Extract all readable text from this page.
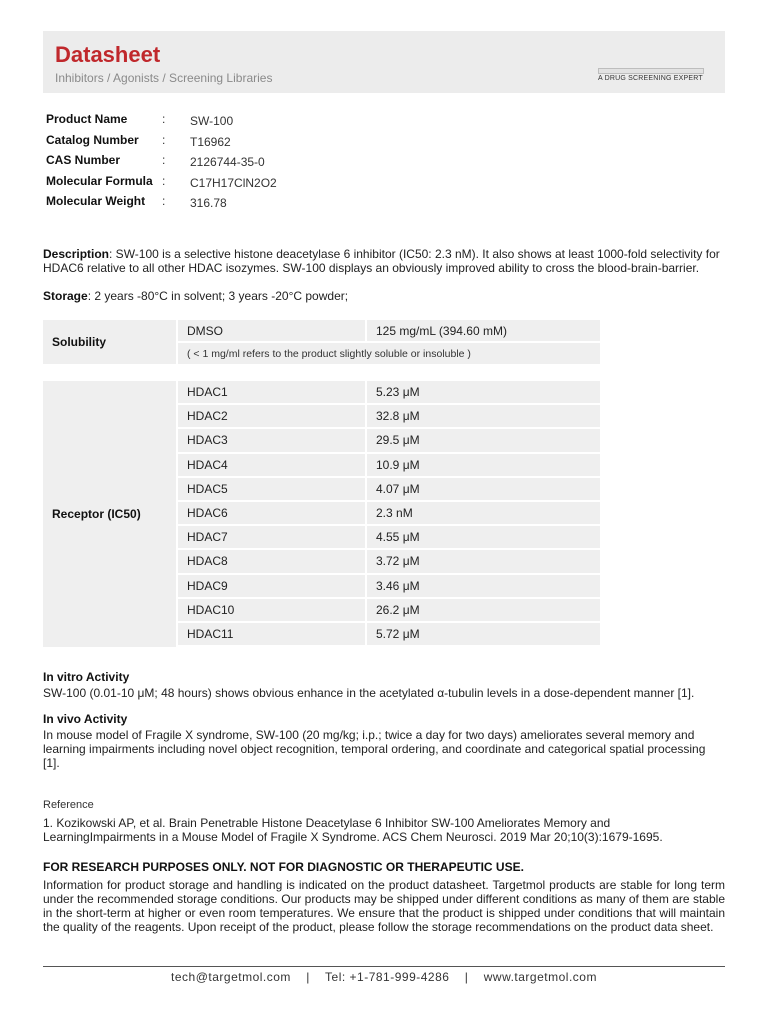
Datasheet
Inhibitors / Agonists / Screening Libraries	A DRUG SCREENING EXPERT
Product Name	: SW-100
Catalog Number : T16962
CAS Number	: 2126744-35-0
Molecular Formula : C17H17ClN2O2
Molecular Weight : 316.78
Description: SW-100 is a selective histone deacetylase 6 inhibitor (IC50: 2.3 nM). It also shows at least 1000-fold selectivity for HDAC6 relative to all other HDAC isozymes. SW-100 displays an obviously improved ability to cross the blood-brain-barrier.
Storage: 2 years -80°C in solvent; 3 years -20°C powder;
Solubility	DMSO	125 mg/mL (394.60 mM)
( < 1 mg/ml refers to the product slightly soluble or insoluble )
Receptor (IC50)	HDAC1	5.23 μM
	HDAC2	32.8 μM
	HDAC3	29.5 μM
	HDAC4	10.9 μM
	HDAC5	4.07 μM
	HDAC6	2.3 nM
	HDAC7	4.55 μM
	HDAC8	3.72 μM
	HDAC9	3.46 μM
	HDAC10	26.2 μM
	HDAC11	5.72 μM
In vitro Activity
SW-100 (0.01-10 μM; 48 hours) shows obvious enhance in the acetylated α-tubulin levels in a dose-dependent manner [1].
In vivo Activity
In mouse model of Fragile X syndrome, SW-100 (20 mg/kg; i.p.; twice a day for two days) ameliorates several memory and learning impairments including novel object recognition, temporal ordering, and coordinate and categorical spatial processing [1].
Reference
1. Kozikowski AP, et al. Brain Penetrable Histone Deacetylase 6 Inhibitor SW-100 Ameliorates Memory and LearningImpairments in a Mouse Model of Fragile X Syndrome. ACS Chem Neurosci. 2019 Mar 20;10(3):1679-1695.
FOR RESEARCH PURPOSES ONLY. NOT FOR DIAGNOSTIC OR THERAPEUTIC USE.
Information for product storage and handling is indicated on the product datasheet. Targetmol products are stable for long term under the recommended storage conditions. Our products may be shipped under different conditions as many of them are stable in the short-term at higher or even room temperatures. We ensure that the product is shipped under conditions that will maintain the quality of the reagents. Upon receipt of the product, please follow the storage recommendations on the product data sheet.
tech@targetmol.com | Tel: +1-781-999-4286 | www.targetmol.com
